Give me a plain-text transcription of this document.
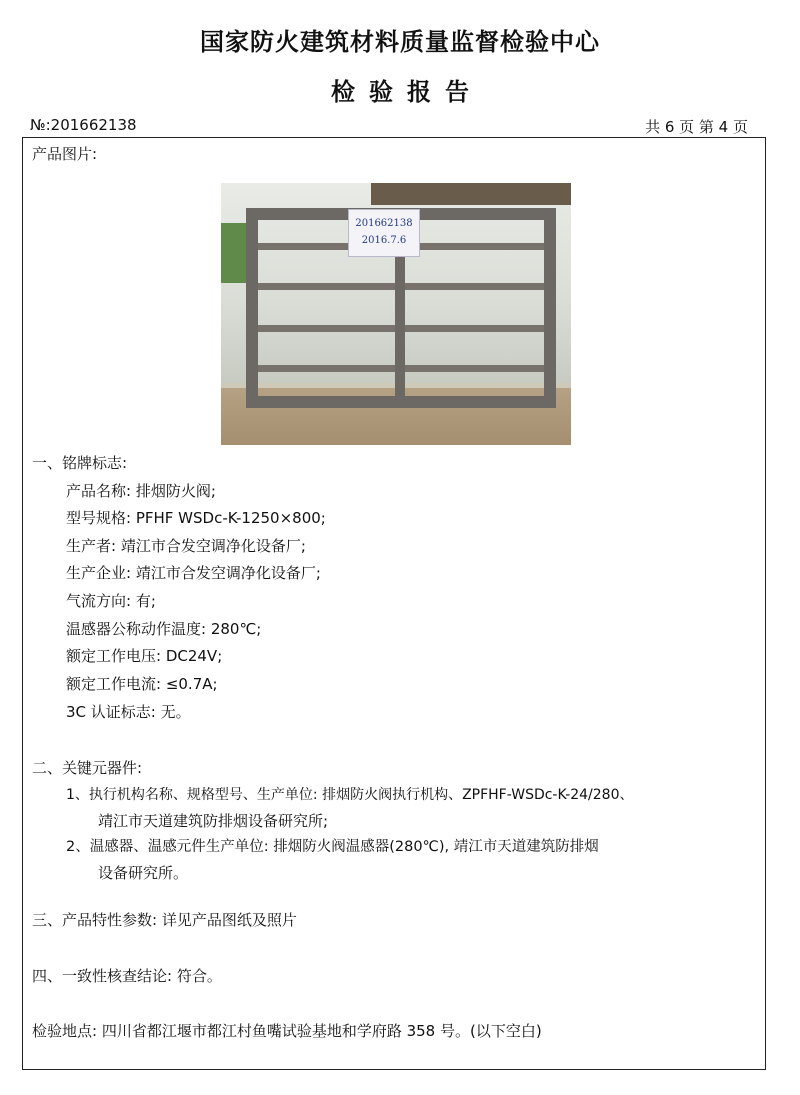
国家防火建筑材料质量监督检验中心
检验报告
№:201662138	共 6 页 第 4 页
产品图片:
201662138
2016.7.6
一、铭牌标志:
产品名称: 排烟防火阀;
型号规格: PFHF WSDc-K-1250×800;
生产者: 靖江市合发空调净化设备厂;
生产企业: 靖江市合发空调净化设备厂;
气流方向: 有;
温感器公称动作温度: 280℃;
额定工作电压: DC24V;
额定工作电流: ≤0.7A;
3C 认证标志: 无。
二、关键元器件:
1、执行机构名称、规格型号、生产单位: 排烟防火阀执行机构、ZPFHF-WSDc-K-24/280、
靖江市天道建筑防排烟设备研究所;
2、温感器、温感元件生产单位: 排烟防火阀温感器(280℃), 靖江市天道建筑防排烟
设备研究所。
三、产品特性参数: 详见产品图纸及照片
四、一致性核查结论: 符合。
检验地点: 四川省都江堰市都江村鱼嘴试验基地和学府路 358 号。(以下空白)
